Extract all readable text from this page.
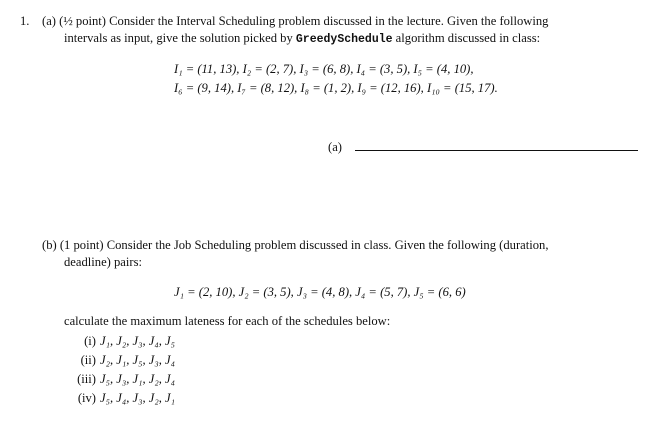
1. (a) (½ point) Consider the Interval Scheduling problem discussed in the lecture. Given the following
intervals as input, give the solution picked by GreedySchedule algorithm discussed in class:
I₁ = (11, 13), I₂ = (2, 7), I₃ = (6, 8), I₄ = (3, 5), I₅ = (4, 10),
I₆ = (9, 14), I₇ = (8, 12), I₈ = (1, 2), I₉ = (12, 16), I₁₀ = (15, 17).
(a)
(b) (1 point) Consider the Job Scheduling problem discussed in class. Given the following (duration,
deadline) pairs:
J₁ = (2, 10), J₂ = (3, 5), J₃ = (4, 8), J₄ = (5, 7), J₅ = (6, 6)
calculate the maximum lateness for each of the schedules below:
(i) J₁, J₂, J₃, J₄, J₅
(ii) J₂, J₁, J₅, J₃, J₄
(iii) J₅, J₃, J₁, J₂, J₄
(iv) J₅, J₄, J₃, J₂, J₁
